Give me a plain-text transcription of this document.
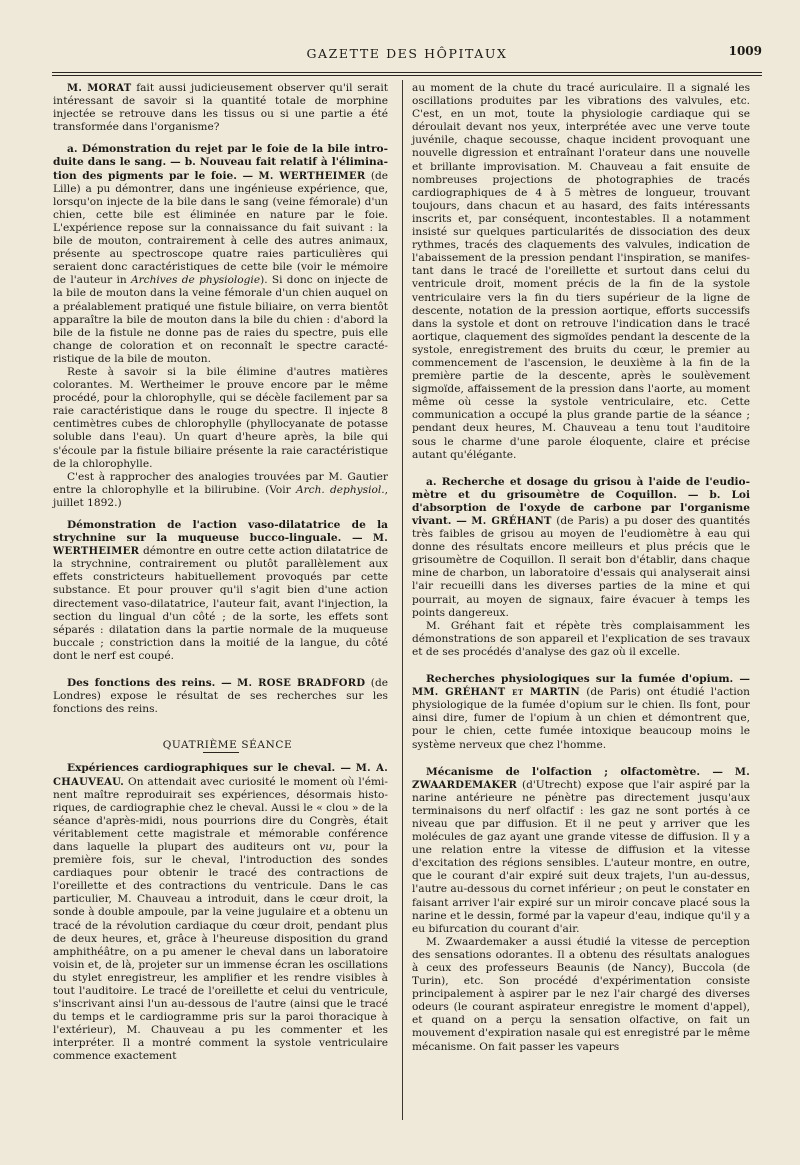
GAZETTE DES HÔPITAUX	1009

M. MORAT fait aussi judicieusement observer qu'il serait intéressant de savoir si la quantité totale de morphine injectée se retrouve dans les tissus ou si une partie a été transformée dans l'organisme?

a. Démonstration du rejet par le foie de la bile introduite dans le sang. — b. Nouveau fait relatif à l'élimination des pigments par le foie. — M. WERTHEIMER (de Lille) a pu démontrer, dans une ingénieuse expérience, que, lorsqu'on injecte de la bile dans le sang (veine fémorale) d'un chien, cette bile est éliminée en nature par le foie. L'expérience repose sur la connaissance du fait suivant : la bile de mouton, contrairement à celle des autres animaux, présente au spectroscope quatre raies particulières qui seraient donc caractéristiques de cette bile (voir le mémoire de l'auteur in Archives de physiologie). Si donc on injecte de la bile de mouton dans la veine fémorale d'un chien auquel on a préalablement pratiqué une fistule biliaire, on verra bientôt apparaître la bile de mouton dans la bile du chien : d'abord la bile de la fistule ne donne pas de raies du spectre, puis elle change de coloration et on reconnaît le spectre caractéristique de la bile de mouton.

Reste à savoir si la bile élimine d'autres matières colorantes. M. Wertheimer le prouve encore par le même procédé, pour la chlorophylle, qui se décèle facilement par sa raie caractéristique dans le rouge du spectre. Il injecte 8 centimètres cubes de chlorophylle (phyllocyanate de potasse soluble dans l'eau). Un quart d'heure après, la bile qui s'écoule par la fistule biliaire présente la raie caractéristique de la chlorophylle.

C'est à rapprocher des analogies trouvées par M. Gautier entre la chlorophylle et la bilirubine. (Voir Arch. dephysiol., juillet 1892.)

Démonstration de l'action vaso-dilatatrice de la strychnine sur la muqueuse bucco-linguale. — M. WERTHEIMER démontre en outre cette action dilatatrice de la strychnine, contrairement ou plutôt parallèlement aux effets constricteurs habituellement provoqués par cette substance. Et pour prouver qu'il s'agit bien d'une action directement vaso-dilatatrice, l'auteur fait, avant l'injection, la section du lingual d'un côté ; de la sorte, les effets sont séparés : dilatation dans la partie normale de la muqueuse buccale ; constriction dans la moitié de la langue, du côté dont le nerf est coupé.

Des fonctions des reins. — M. ROSE BRADFORD (de Londres) expose le résultat de ses recherches sur les fonctions des reins.

QUATRIÈME SÉANCE

Expériences cardiographiques sur le cheval. — M. A. CHAUVEAU. On attendait avec curiosité le moment où l'éminent maître reproduirait ses expériences, désormais historiques, de cardiographie chez le cheval. Aussi le « clou » de la séance d'après-midi, nous pourrions dire du Congrès, était véritablement cette magistrale et mémorable conférence dans laquelle la plupart des auditeurs ont vu, pour la première fois, sur le cheval, l'introduction des sondes cardiaques pour obtenir le tracé des contractions de l'oreillette et des contractions du ventricule. Dans le cas particulier, M. Chauveau a introduit, dans le cœur droit, la sonde à double ampoule, par la veine jugulaire et a obtenu un tracé de la révolution cardiaque du cœur droit, pendant plus de deux heures, et, grâce à l'heureuse disposition du grand amphithéâtre, on a pu amener le cheval dans un laboratoire voisin et, de là, projeter sur un immense écran les oscillations du stylet enregistreur, les amplifier et les rendre visibles à tout l'auditoire. Le tracé de l'oreillette et celui du ventricule, s'inscrivant ainsi l'un au-dessous de l'autre (ainsi que le tracé du temps et le cardiogramme pris sur la paroi thoracique à l'extérieur), M. Chauveau a pu les commenter et les interpréter. Il a montré comment la systole ventriculaire commence exactement

au moment de la chute du tracé auriculaire. Il a signalé les oscillations produites par les vibrations des valvules, etc. C'est, en un mot, toute la physiologie cardiaque qui se déroulait devant nos yeux, interprétée avec une verve toute juvénile, chaque secousse, chaque incident provoquant une nouvelle digression et entraînant l'orateur dans une nouvelle et brillante improvisation. M. Chauveau a fait ensuite de nombreuses projections de photographies de tracés cardiographiques de 4 à 5 mètres de longueur, trouvant toujours, dans chacun et au hasard, des faits intéressants inscrits et, par conséquent, incontestables. Il a notamment insisté sur quelques particularités de dissociation des deux rythmes, tracés des claquements des valvules, indication de l'abaissement de la pression pendant l'inspiration, se manifestant dans le tracé de l'oreillette et surtout dans celui du ventricule droit, moment précis de la fin de la systole ventriculaire vers la fin du tiers supérieur de la ligne de descente, notation de la pression aortique, efforts successifs dans la systole et dont on retrouve l'indication dans le tracé aortique, claquement des sigmoïdes pendant la descente de la systole, enregistrement des bruits du cœur, le premier au commencement de l'ascension, le deuxième à la fin de la première partie de la descente, après le soulèvement sigmoïde, affaissement de la pression dans l'aorte, au moment même où cesse la systole ventriculaire, etc. Cette communication a occupé la plus grande partie de la séance ; pendant deux heures, M. Chauveau a tenu tout l'auditoire sous le charme d'une parole éloquente, claire et précise autant qu'élégante.

a. Recherche et dosage du grisou à l'aide de l'eudiomètre et du grisoumètre de Coquillon. — b. Loi d'absorption de l'oxyde de carbone par l'organisme vivant. — M. GRÉHANT (de Paris) a pu doser des quantités très faibles de grisou au moyen de l'eudiomètre à eau qui donne des résultats encore meilleurs et plus précis que le grisoumètre de Coquillon. Il serait bon d'établir, dans chaque mine de charbon, un laboratoire d'essais qui analyserait ainsi l'air recueilli dans les diverses parties de la mine et qui pourrait, au moyen de signaux, faire évacuer à temps les points dangereux.

M. Gréhant fait et répète très complaisamment les démonstrations de son appareil et l'explication de ses travaux et de ses procédés d'analyse des gaz où il excelle.

Recherches physiologiques sur la fumée d'opium. — MM. GRÉHANT et MARTIN (de Paris) ont étudié l'action physiologique de la fumée d'opium sur le chien. Ils font, pour ainsi dire, fumer de l'opium à un chien et démontrent que, pour le chien, cette fumée intoxique beaucoup moins le système nerveux que chez l'homme.

Mécanisme de l'olfaction ; olfactomètre. — M. ZWAARDEMAKER (d'Utrecht) expose que l'air aspiré par la narine antérieure ne pénètre pas directement jusqu'aux terminaisons du nerf olfactif : les gaz ne sont portés à ce niveau que par diffusion. Et il ne peut y arriver que les molécules de gaz ayant une grande vitesse de diffusion. Il y a une relation entre la vitesse de diffusion et la vitesse d'excitation des régions sensibles. L'auteur montre, en outre, que le courant d'air expiré suit deux trajets, l'un au-dessus, l'autre au-dessous du cornet inférieur ; on peut le constater en faisant arriver l'air expiré sur un miroir concave placé sous la narine et le dessin, formé par la vapeur d'eau, indique qu'il y a eu bifurcation du courant d'air.

M. Zwaardemaker a aussi étudié la vitesse de perception des sensations odorantes. Il a obtenu des résultats analogues à ceux des professeurs Beaunis (de Nancy), Buccola (de Turin), etc. Son procédé d'expérimentation consiste principalement à aspirer par le nez l'air chargé des diverses odeurs (le courant aspirateur enregistre le moment d'appel), et quand on a perçu la sensation olfactive, on fait un mouvement d'expiration nasale qui est enregistré par le même mécanisme. On fait passer les vapeurs
